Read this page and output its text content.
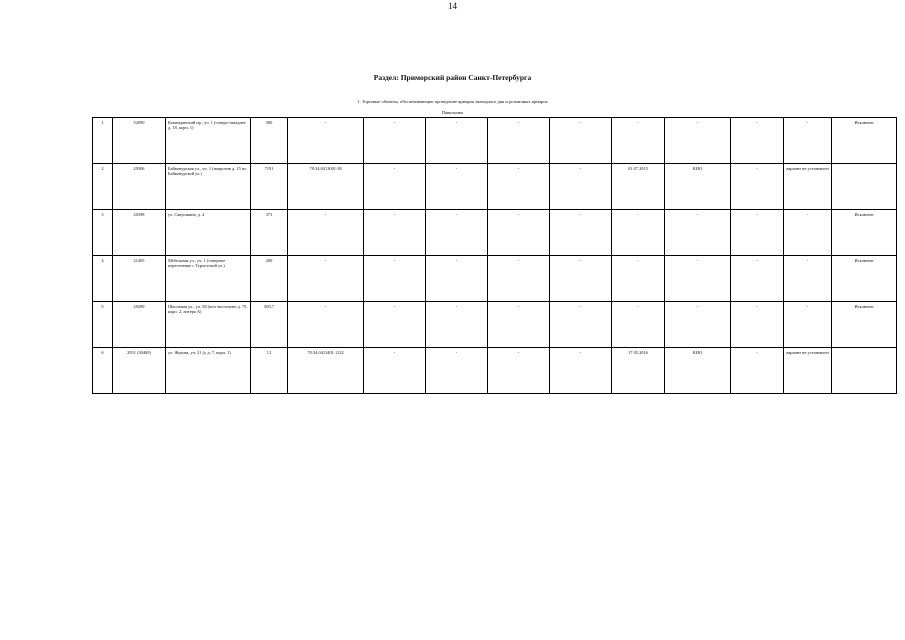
14
Раздел: Приморский район Санкт-Петербурга
1. Торговые объекты, обеспечивающие проведение ярмарок выходного дня и розничных ярмарок
Павильоны
1	52090	Коменданский пр., уч. 1 (северо-западнее д. 18, корп. 1)	300	-	-	-	-	-	-	-	-	-	Исключен
2	29306	Байконурская ул., уч. 1 (напротив д. 15 по Байконурской ул.)	7191	78:34:0413001:38	-	-	-	-	01.07.2015	КИО	-	вариант не установлен	
3	20398	ул. Савушкина, д. 4	373	-	-	-	-	-	-	-	-	-	Исключен
4	21405	Мебельная ул., уч. 1 (северное пересечение с Туристской ул.)	200	-	-	-	-	-	-	-	-	-	Исключен
5	29289	Школьная ул., уч. 58 (юго-восточнее д. 75, корп. 2, литера А)	500,7	-	-	-	-	-	-	-	-	-	Исключен
6	2951 (30469)	ул. Жукова, уч. 21 (у д. 7, корп. 1)	12	78:34:0413401:1122	-	-	-	-	17.05.2016	КИО	-	вариант не установлен	
